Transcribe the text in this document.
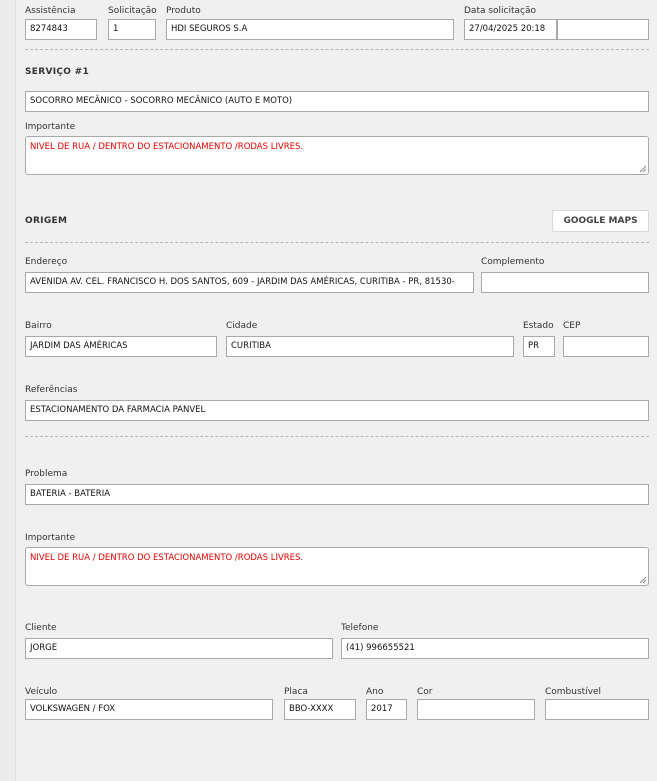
Assistência
8274843
Solicitação
1
Produto
HDI SEGUROS S.A
Data solicitação
27/04/2025 20:18
SERVIÇO #1
SOCORRO MECÂNICO - SOCORRO MECÂNICO (AUTO E MOTO)
Importante
NIVEL DE RUA / DENTRO DO ESTACIONAMENTO /RODAS LIVRES.
ORIGEM	GOOGLE MAPS
Endereço
AVENIDA AV. CEL. FRANCISCO H. DOS SANTOS, 609 - JARDIM DAS AMÉRICAS, CURITIBA - PR, 81530-
Complemento
Bairro
JARDIM DAS AMÉRICAS
Cidade
CURITIBA
Estado
PR
CEP
Referências
ESTACIONAMENTO DA FARMACIA PANVEL
Problema
BATERIA - BATERIA
Importante
NIVEL DE RUA / DENTRO DO ESTACIONAMENTO /RODAS LIVRES.
Cliente
JORGE
Telefone
(41) 996655521
Veículo
VOLKSWAGEN / FOX
Placa
BBO-XXXX
Ano
2017
Cor	Combustível
